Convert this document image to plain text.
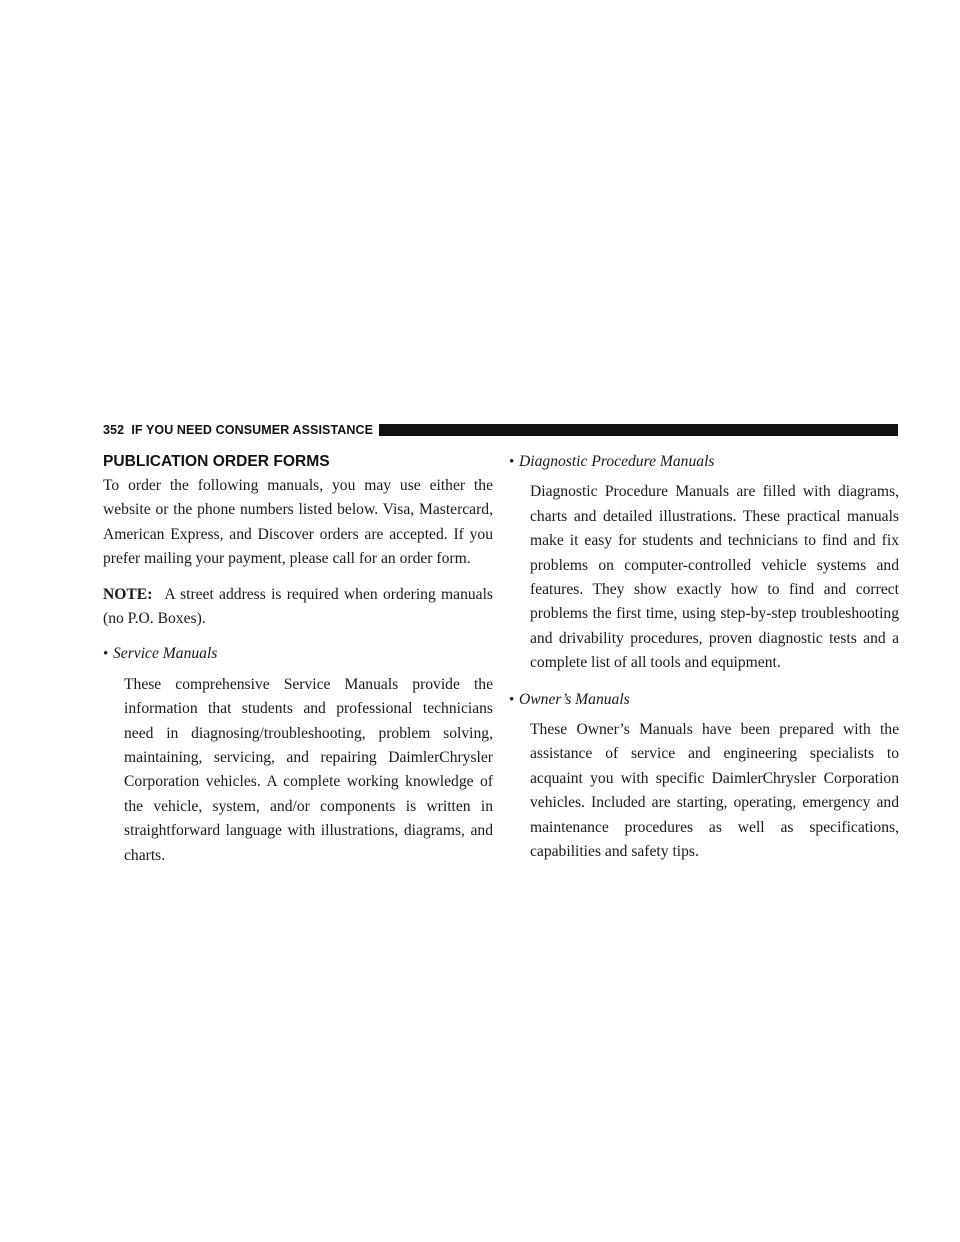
352 IF YOU NEED CONSUMER ASSISTANCE
PUBLICATION ORDER FORMS

To order the following manuals, you may use either the website or the phone numbers listed below. Visa, Mastercard, American Express, and Discover orders are accepted. If you prefer mailing your payment, please call for an order form.

NOTE: A street address is required when ordering manuals (no P.O. Boxes).

• Service Manuals

These comprehensive Service Manuals provide the information that students and professional technicians need in diagnosing/troubleshooting, problem solving, maintaining, servicing, and repairing DaimlerChrysler Corporation vehicles. A complete working knowledge of the vehicle, system, and/or components is written in straightforward language with illustrations, diagrams, and charts.

• Diagnostic Procedure Manuals

Diagnostic Procedure Manuals are filled with diagrams, charts and detailed illustrations. These practical manuals make it easy for students and technicians to find and fix problems on computer-controlled vehicle systems and features. They show exactly how to find and correct problems the first time, using step-by-step troubleshooting and drivability procedures, proven diagnostic tests and a complete list of all tools and equipment.

• Owner’s Manuals

These Owner’s Manuals have been prepared with the assistance of service and engineering specialists to acquaint you with specific DaimlerChrysler Corporation vehicles. Included are starting, operating, emergency and maintenance procedures as well as specifications, capabilities and safety tips.
